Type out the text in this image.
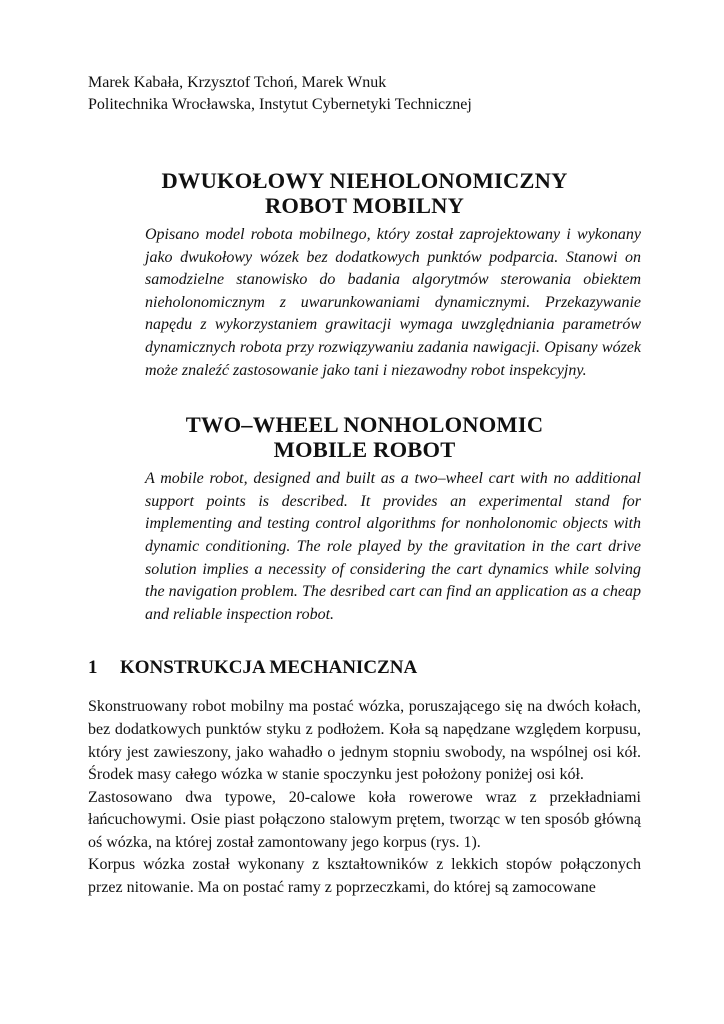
Marek Kabała, Krzysztof Tchoń, Marek Wnuk

Politechnika Wrocławska, Instytut Cybernetyki Technicznej

DWUKOŁOWY NIEHOLONOMICZNY
ROBOT MOBILNY

Opisano model robota mobilnego, który został zaprojektowany i wykonany jako dwukołowy wózek bez dodatkowych punktów podparcia. Stanowi on samodzielne stanowisko do badania algorytmów sterowania obiektem nieholonomicznym z uwarunkowaniami dynamicznymi. Przekazywanie napędu z wykorzystaniem grawitacji wymaga uwzględniania parametrów dynamicznych robota przy rozwiązywaniu zadania nawigacji. Opisany wózek może znaleźć zastosowanie jako tani i niezawodny robot inspekcyjny.

TWO–WHEEL NONHOLONOMIC
MOBILE ROBOT

A mobile robot, designed and built as a two–wheel cart with no additional support points is described. It provides an experimental stand for implementing and testing control algorithms for nonholonomic objects with dynamic conditioning. The role played by the gravitation in the cart drive solution implies a necessity of considering the cart dynamics while solving the navigation problem. The desribed cart can find an application as a cheap and reliable inspection robot.

1	KONSTRUKCJA MECHANICZNA

Skonstruowany robot mobilny ma postać wózka, poruszającego się na dwóch kołach, bez dodatkowych punktów styku z podłożem. Koła są napędzane względem korpusu, który jest zawieszony, jako wahadło o jednym stopniu swobody, na wspólnej osi kół. Środek masy całego wózka w stanie spoczynku jest położony poniżej osi kół.

Zastosowano dwa typowe, 20-calowe koła rowerowe wraz z przekładniami łańcuchowymi. Osie piast połączono stalowym prętem, tworząc w ten sposób główną oś wózka, na której został zamontowany jego korpus (rys. 1).

Korpus wózka został wykonany z kształtowników z lekkich stopów połączonych przez nitowanie. Ma on postać ramy z poprzeczkami, do której są zamocowane
